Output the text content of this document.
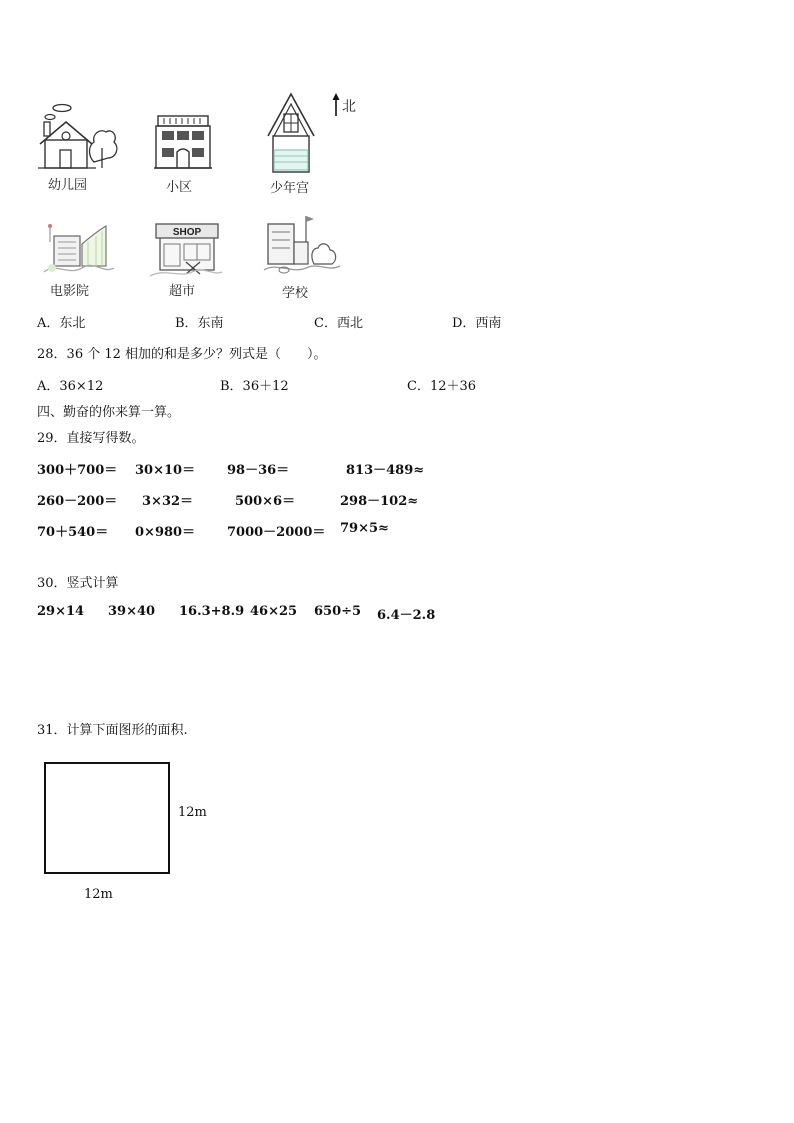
北
幼儿园	小区	少年宫
电影院
SHOP
超市	学校
A．东北	B．东南	C．西北	D．西南
28．36 个 12 相加的和是多少？列式是（　　）。
A．36×12	B．36＋12	C．12＋36
四、勤奋的你来算一算。
29．直接写得数。
300＋700＝ 30×10＝ 98－36＝	813－489≈
260－200＝ 3×32＝	500×6＝	298－102≈
70＋540＝ 0×980＝ 7000－2000＝ 79×5≈
30．竖式计算
29×14 39×40 16.3+8.9 46×25 650÷5 6.4－2.8
31．计算下面图形的面积.
12m
12m
